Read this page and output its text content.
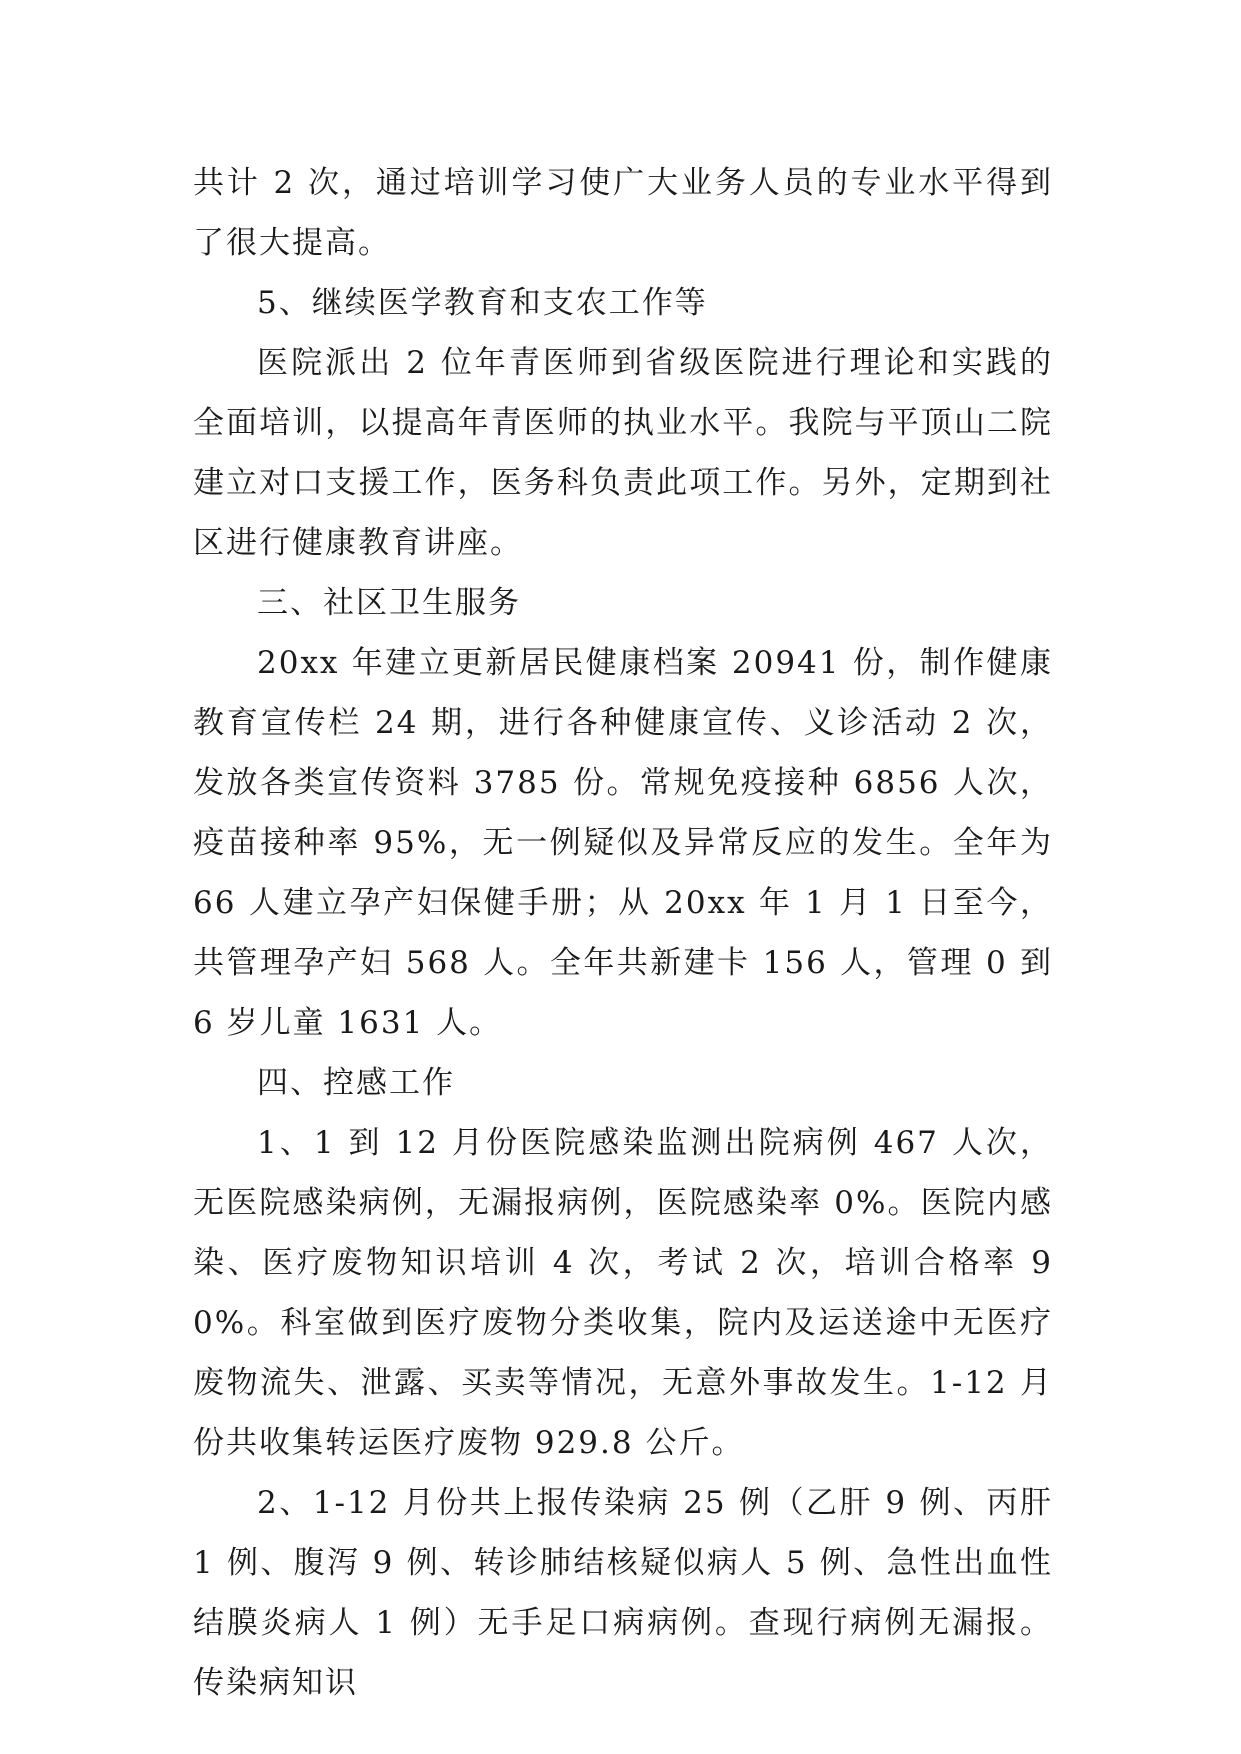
共计 2 次，通过培训学习使广大业务人员的专业水平得到了很大提高。

5、继续医学教育和支农工作等

医院派出 2 位年青医师到省级医院进行理论和实践的全面培训，以提高年青医师的执业水平。我院与平顶山二院建立对口支援工作，医务科负责此项工作。另外，定期到社区进行健康教育讲座。

三、社区卫生服务

20xx 年建立更新居民健康档案 20941 份，制作健康教育宣传栏 24 期，进行各种健康宣传、义诊活动 2 次，发放各类宣传资料 3785 份。常规免疫接种 6856 人次，疫苗接种率 95%，无一例疑似及异常反应的发生。全年为 66 人建立孕产妇保健手册；从 20xx 年 1 月 1 日至今，共管理孕产妇 568 人。全年共新建卡 156 人，管理 0 到 6 岁儿童 1631 人。

四、控感工作

1、1 到 12 月份医院感染监测出院病例 467 人次，无医院感染病例，无漏报病例，医院感染率 0%。医院内感染、医疗废物知识培训 4 次，考试 2 次，培训合格率 90%。科室做到医疗废物分类收集，院内及运送途中无医疗废物流失、泄露、买卖等情况，无意外事故发生。1-12 月份共收集转运医疗废物 929.8 公斤。

2、1-12 月份共上报传染病 25 例（乙肝 9 例、丙肝 1 例、腹泻 9 例、转诊肺结核疑似病人 5 例、急性出血性结膜炎病人 1 例）无手足口病病例。查现行病例无漏报。传染病知识
